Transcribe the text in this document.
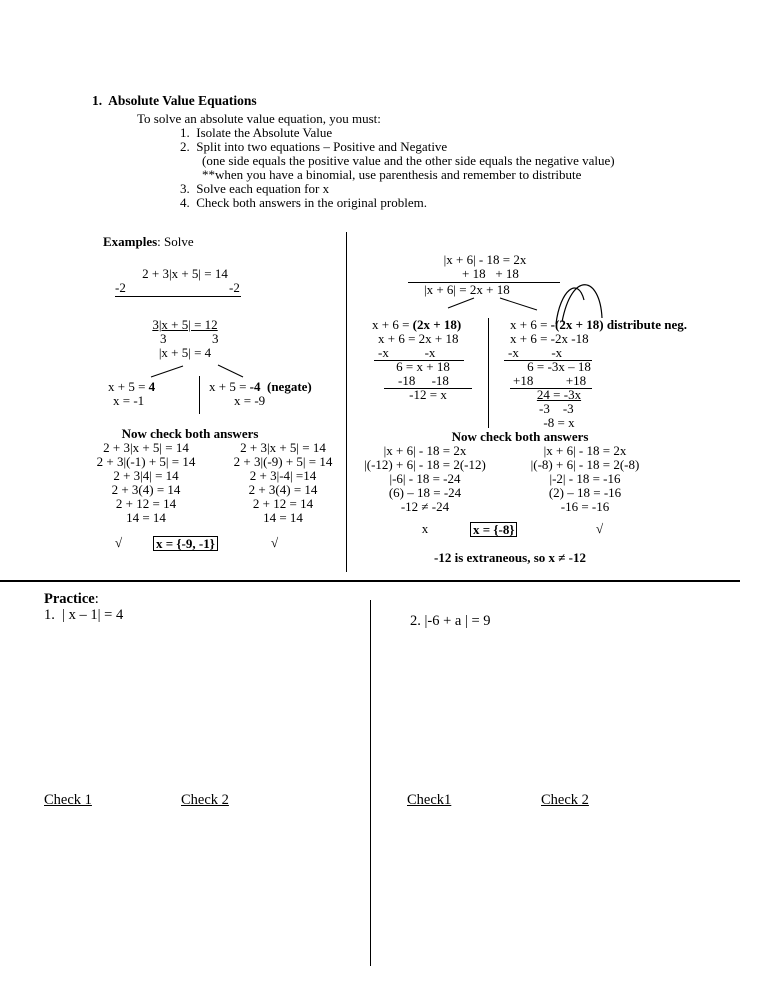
1.  Absolute Value Equations
To solve an absolute value equation, you must:
1.  Isolate the Absolute Value
2.  Split into two equations – Positive and Negative
(one side equals the positive value and the other side equals the negative value)
**when you have a binomial, use parenthesis and remember to distribute
3.  Solve each equation for x
4.  Check both answers in the original problem.
Examples: Solve
2 + 3|x + 5| = 14
-2	-2
3|x + 5| = 12
3	3
|x + 5| = 4
x + 5 = 4
x = -1
x + 5 = -4  (negate)
x = -9
Now check both answers
2 + 3|x + 5| = 14
2 + 3|(-1) + 5| = 14
2 + 3|4| = 14
2 + 3(4) = 14
2 + 12 = 14
14 = 14
2 + 3|x + 5| = 14
2 + 3|(-9) + 5| = 14
2 + 3|-4| =14
2 + 3(4) = 14
2 + 12 = 14
14 = 14
√	√
x = {-9, -1}
|x + 6| - 18 = 2x
+ 18   + 18
|x + 6| = 2x + 18
x + 6 = (2x + 18)
x + 6 = 2x + 18
-x           -x
6 = x + 18
-18     -18
-12 = x
x + 6 = -(2x + 18) distribute neg.
x + 6 = -2x -18
-x          -x
6 = -3x – 18
+18          +18
24 = -3x
-3    -3
-8 = x
Now check both answers
|x + 6| - 18 = 2x
|(-12) + 6| - 18 = 2(-12)
|-6| - 18 = -24
(6) – 18 = -24
-12 ≠ -24
x
|x + 6| - 18 = 2x
|(-8) + 6| - 18 = 2(-8)
|-2| - 18 = -16
(2) – 18 = -16
-16 = -16
√
x = {-8}
-12 is extraneous, so x ≠ -12
Practice:
1.  | x – 1| = 4	2. |-6 + a | = 9
Check 1	Check 2	Check1	Check 2
